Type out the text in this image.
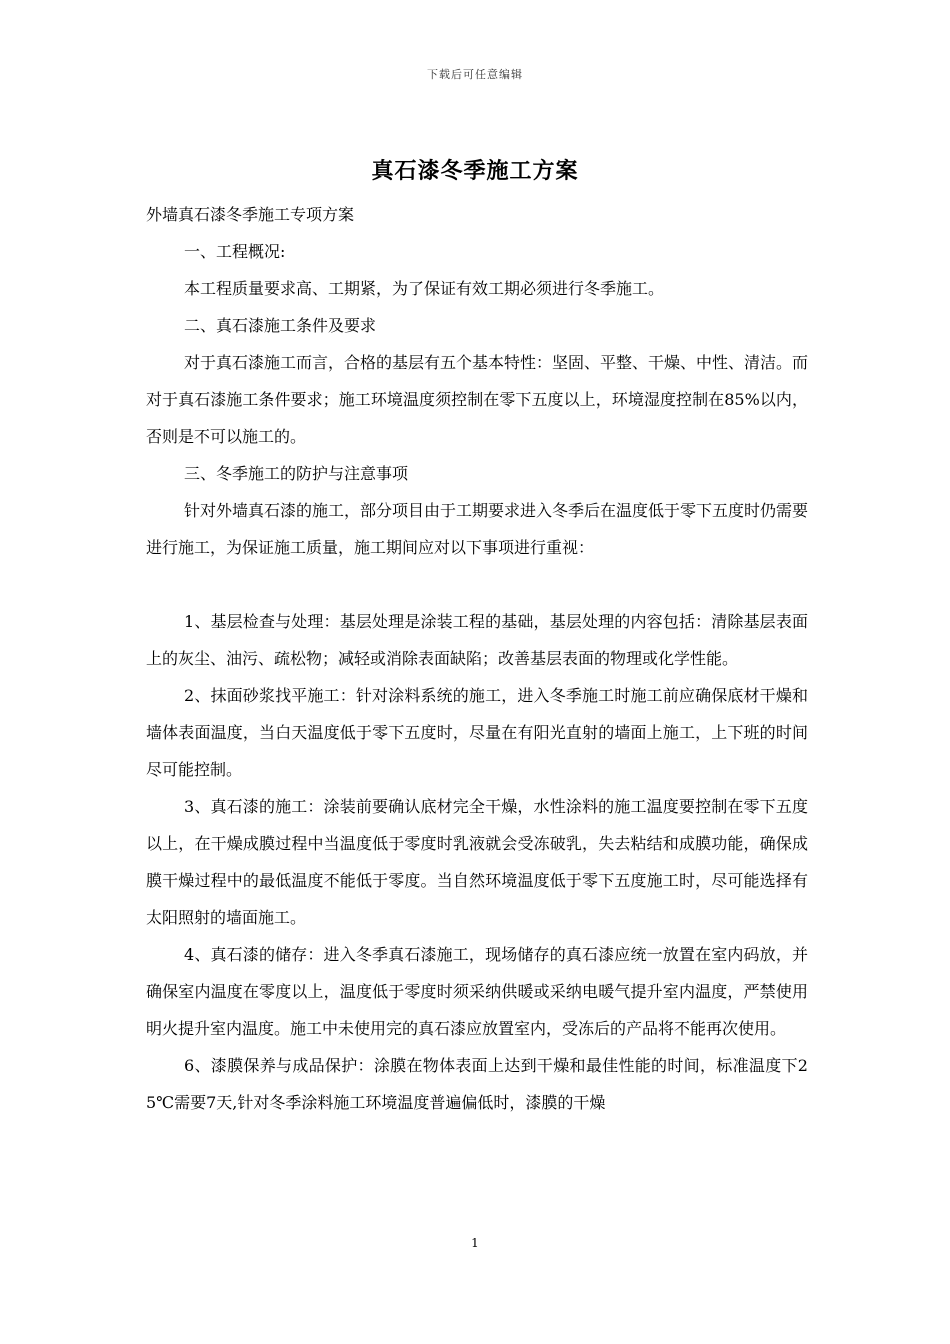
下载后可任意编辑
真石漆冬季施工方案

外墙真石漆冬季施工专项方案

一、工程概况:

本工程质量要求高、工期紧，为了保证有效工期必须进行冬季施工。

二、真石漆施工条件及要求

对于真石漆施工而言，合格的基层有五个基本特性：坚固、平整、干燥、中性、清洁。而对于真石漆施工条件要求；施工环境温度须控制在零下五度以上，环境湿度控制在85%以内，否则是不可以施工的。

三、冬季施工的防护与注意事项

针对外墙真石漆的施工，部分项目由于工期要求进入冬季后在温度低于零下五度时仍需要进行施工，为保证施工质量，施工期间应对以下事项进行重视：

1、基层检查与处理：基层处理是涂装工程的基础，基层处理的内容包括：清除基层表面上的灰尘、油污、疏松物；减轻或消除表面缺陷；改善基层表面的物理或化学性能。

2、抹面砂浆找平施工：针对涂料系统的施工，进入冬季施工时施工前应确保底材干燥和墙体表面温度，当白天温度低于零下五度时，尽量在有阳光直射的墙面上施工，上下班的时间尽可能控制。

3、真石漆的施工：涂装前要确认底材完全干燥，水性涂料的施工温度要控制在零下五度以上，在干燥成膜过程中当温度低于零度时乳液就会受冻破乳，失去粘结和成膜功能，确保成膜干燥过程中的最低温度不能低于零度。当自然环境温度低于零下五度施工时，尽可能选择有太阳照射的墙面施工。

4、真石漆的储存：进入冬季真石漆施工，现场储存的真石漆应统一放置在室内码放，并确保室内温度在零度以上，温度低于零度时须采纳供暖或采纳电暖气提升室内温度，严禁使用明火提升室内温度。施工中未使用完的真石漆应放置室内，受冻后的产品将不能再次使用。

6、漆膜保养与成品保护：涂膜在物体表面上达到干燥和最佳性能的时间，标准温度下25℃需要7天,针对冬季涂料施工环境温度普遍偏低时，漆膜的干燥

1
